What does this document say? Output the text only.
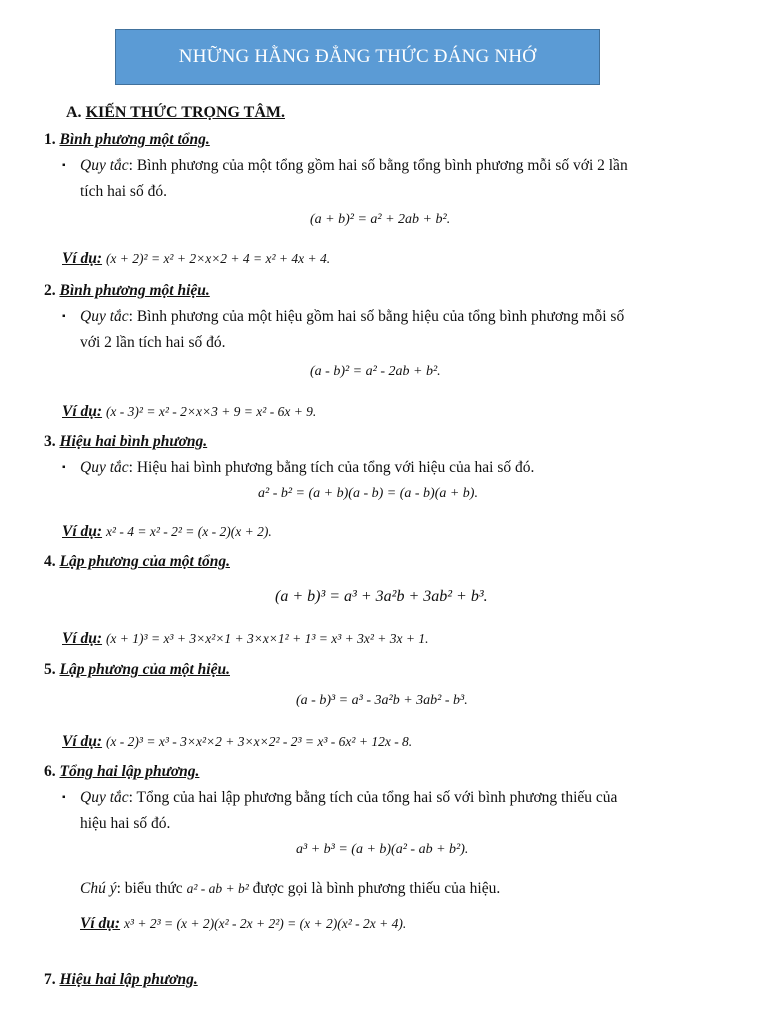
NHỮNG HẰNG ĐẲNG THỨC ĐÁNG NHỚ
A. KIẾN THỨC TRỌNG TÂM.
1. Bình phương một tổng.
▪ Quy tắc: Bình phương của một tổng gồm hai số bằng tổng bình phương mỗi số với 2 lần
tích hai số đó.
(a + b)² = a² + 2ab + b².
Ví dụ: (x + 2)² = x² + 2×x×2 + 4 = x² + 4x + 4.
2. Bình phương một hiệu.
▪ Quy tắc: Bình phương của một hiệu gồm hai số bằng hiệu của tổng bình phương mỗi số
với 2 lần tích hai số đó.
(a - b)² = a² - 2ab + b².
Ví dụ: (x - 3)² = x² - 2×x×3 + 9 = x² - 6x + 9.
3. Hiệu hai bình phương.
▪ Quy tắc: Hiệu hai bình phương bằng tích của tổng với hiệu của hai số đó.
a² - b² = (a + b)(a - b) = (a - b)(a + b).
Ví dụ: x² - 4 = x² - 2² = (x - 2)(x + 2).
4. Lập phương của một tổng.
(a + b)³ = a³ + 3a²b + 3ab² + b³.
Ví dụ: (x + 1)³ = x³ + 3×x²×1 + 3×x×1² + 1³ = x³ + 3x² + 3x + 1.
5. Lập phương của một hiệu.
(a - b)³ = a³ - 3a²b + 3ab² - b³.
Ví dụ: (x - 2)³ = x³ - 3×x²×2 + 3×x×2² - 2³ = x³ - 6x² + 12x - 8.
6. Tổng hai lập phương.
▪ Quy tắc: Tổng của hai lập phương bằng tích của tổng hai số với bình phương thiếu của
hiệu hai số đó.
a³ + b³ = (a + b)(a² - ab + b²).
Chú ý: biểu thức a² - ab + b² được gọi là bình phương thiếu của hiệu.
Ví dụ: x³ + 2³ = (x + 2)(x² - 2x + 2²) = (x + 2)(x² - 2x + 4).
7. Hiệu hai lập phương.
